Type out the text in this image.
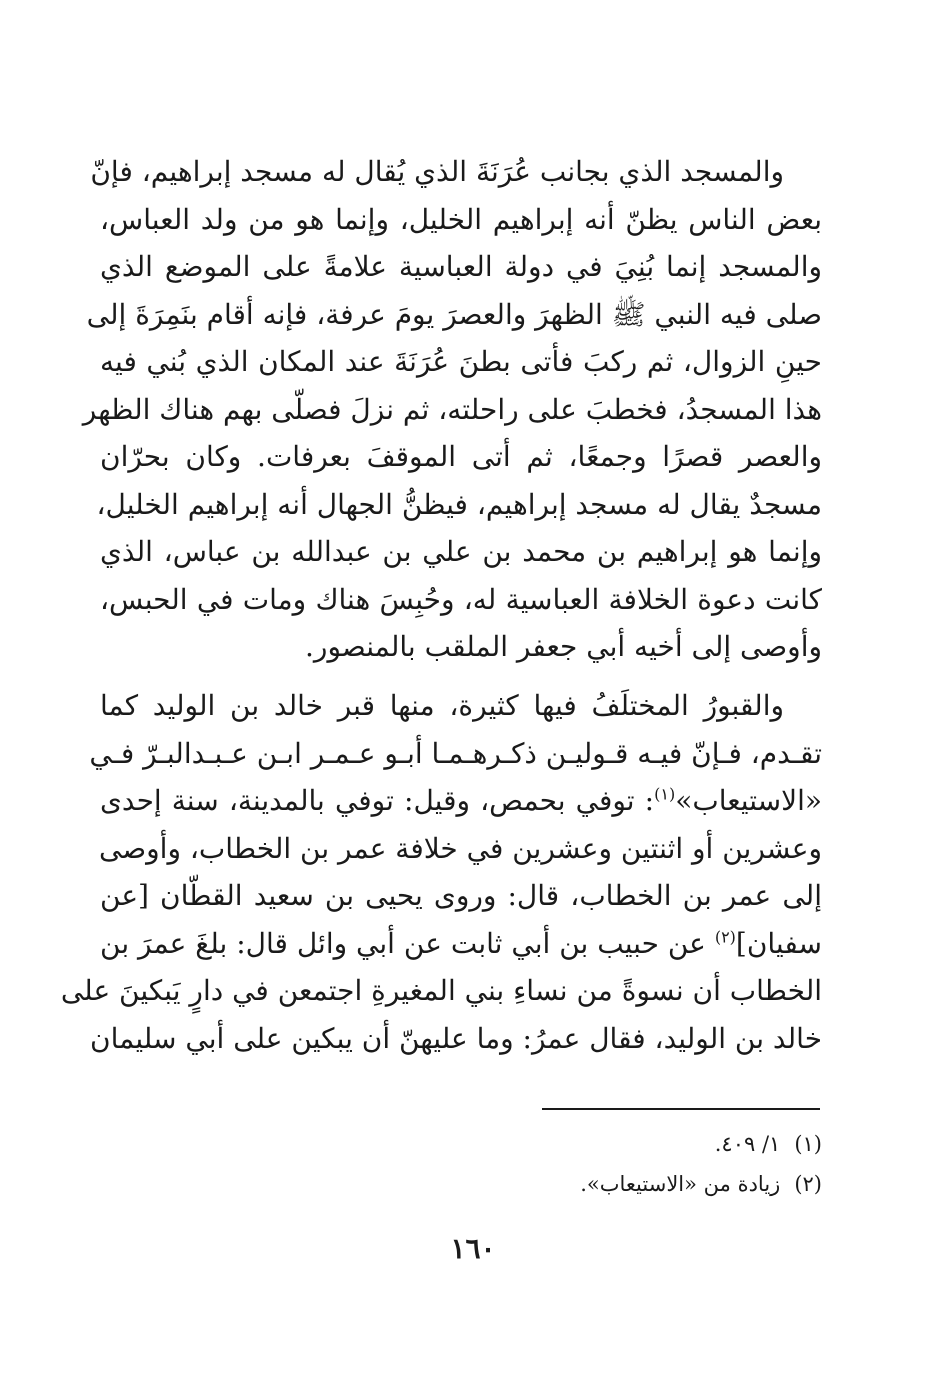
والمسجد الذي بجانب عُرَنَةَ الذي يُقال له مسجد إبراهيم، فإنّ
بعض الناس يظنّ أنه إبراهيم الخليل، وإنما هو من ولد العباس،
والمسجد إنما بُنِيَ في دولة العباسية علامةً على الموضع الذي
صلى فيه النبي ﷺ الظهرَ والعصرَ يومَ عرفة، فإنه أقام بنَمِرَةَ إلى
حينِ الزوال، ثم ركبَ فأتى بطنَ عُرَنَةَ عند المكان الذي بُني فيه
هذا المسجدُ، فخطبَ على راحلته، ثم نزلَ فصلّى بهم هناك الظهر
والعصر قصرًا وجمعًا، ثم أتى الموقفَ بعرفات. وكان بحرّان
مسجدٌ يقال له مسجد إبراهيم، فيظنُّ الجهال أنه إبراهيم الخليل،
وإنما هو إبراهيم بن محمد بن علي بن عبدالله بن عباس، الذي
كانت دعوة الخلافة العباسية له، وحُبِسَ هناك ومات في الحبس،
وأوصى إلى أخيه أبي جعفر الملقب بالمنصور.
والقبورُ المختلَفُ فيها كثيرة، منها قبر خالد بن الوليد كما
تقـدم، فـإنّ فيـه قـوليـن ذكـرهـمـا أبـو عـمـر ابـن عـبـدالبـرّ فـي
«الاستيعاب»$^{(١)}$: توفي بحمص، وقيل: توفي بالمدينة، سنة إحدى
وعشرين أو اثنتين وعشرين في خلافة عمر بن الخطاب، وأوصى
إلى عمر بن الخطاب، قال: وروى يحيى بن سعيد القطّان [عن
سفيان]$^{(٢)}$ عن حبيب بن أبي ثابت عن أبي وائل قال: بلغَ عمرَ بن
الخطاب أن نسوةً من نساءِ بني المغيرةِ اجتمعن في دارٍ يَبكينَ على
خالد بن الوليد، فقال عمرُ: وما عليهنّ أن يبكين على أبي سليمان
(١)١/ ٤٠٩.
(٢)زيادة من «الاستيعاب».
١٦٠
